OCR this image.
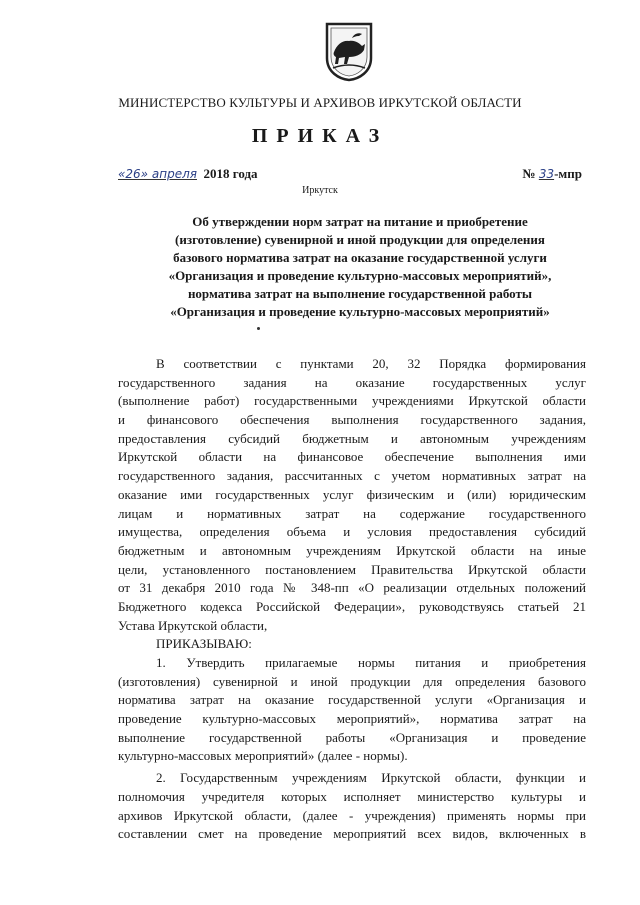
МИНИСТЕРСТВО КУЛЬТУРЫ И АРХИВОВ ИРКУТСКОЙ ОБЛАСТИ
ПРИКАЗ
«26» апреля 2018 года	№ 33-мпр
Иркутск
Об утверждении норм затрат на питание и приобретение
(изготовление) сувенирной и иной продукции для определения
базового норматива затрат на оказание государственной услуги
«Организация и проведение культурно-массовых мероприятий»,
норматива затрат на выполнение государственной работы
«Организация и проведение культурно-массовых мероприятий»
В соответствии с пунктами 20, 32 Порядка формирования
государственного задания на оказание государственных услуг
(выполнение работ) государственными учреждениями Иркутской области
и финансового обеспечения выполнения государственного задания,
предоставления субсидий бюджетным и автономным учреждениям
Иркутской области на финансовое обеспечение выполнения ими
государственного задания, рассчитанных с учетом нормативных затрат на
оказание ими государственных услуг физическим и (или) юридическим
лицам и нормативных затрат на содержание государственного
имущества, определения объема и условия предоставления субсидий
бюджетным и автономным учреждениям Иркутской области на иные
цели, установленного постановлением Правительства Иркутской области
от 31 декабря 2010 года № 348-пп «О реализации отдельных положений
Бюджетного кодекса Российской Федерации», руководствуясь статьей 21
Устава Иркутской области,
ПРИКАЗЫВАЮ:
1. Утвердить прилагаемые нормы питания и приобретения
(изготовления) сувенирной и иной продукции для определения базового
норматива затрат на оказание государственной услуги «Организация и
проведение культурно-массовых мероприятий», норматива затрат на
выполнение государственной работы «Организация и проведение
культурно-массовых мероприятий» (далее - нормы).
2. Государственным учреждениям Иркутской области, функции и
полномочия учредителя которых исполняет министерство культуры и
архивов Иркутской области, (далее - учреждения) применять нормы при
составлении смет на проведение мероприятий всех видов, включенных в
